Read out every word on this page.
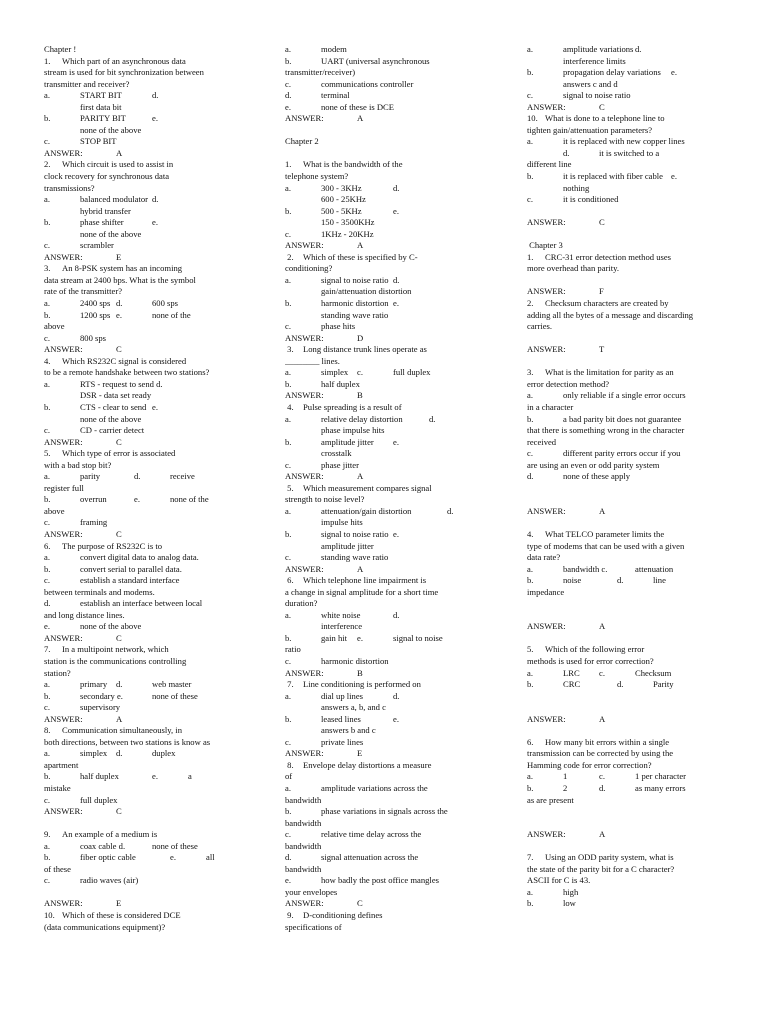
Chapter !
1.	Which part of an asynchronous data
stream is used for bit synchronization between
transmitter and receiver?
a.		START BIT		d.
		first data bit
b.		PARITY BIT		e.
		none of the above
c.		STOP BIT
ANSWER:		A
2.	Which circuit is used to assist in
clock recovery for synchronous data
transmissions?
a.		balanced modulator	d.
		hybrid transfer
b.		phase shifter		e.
		none of the above
c.		scrambler
ANSWER:		E
3.	An 8-PSK system has an incoming
data stream at 2400 bps. What is the symbol
rate of the transmitter?
a.		2400 sps	d.		600 sps
b.		1200 sps	e.		none of the
above
c.		800 sps
ANSWER:		C
4.	Which RS232C signal is considered
to be a remote handshake between two stations?
a.		RTS - request to send d.
		DSR - data set ready
b.		CTS - clear to send	e.
		none of the above
c.		CD - carrier detect
ANSWER:		C
5.	Which type of error is associated
with a bad stop bit?
a.		parity		d.		receive
register full
b.		overrun		e.		none of the
above
c.		framing
ANSWER:		C
6.	The purpose of RS232C is to
a.		convert digital data to analog data.
b.		convert serial to parallel data.
c.		establish a standard interface
between terminals and modems.
d.		establish an interface between local
and long distance lines.
e.		none of the above
ANSWER:		C
7.	In a multipoint network, which
station is the communications controlling
station?
a.		primary	d.		web master
b.		secondary e.		none of these
c.		supervisory
ANSWER:		A
8.	Communication simultaneously, in
both directions, between two stations is know as
a.		simplex	d.		duplex
apartment
b.		half duplex		e.		a
mistake
c.		full duplex
ANSWER:		C
9.	An example of a medium is
a.		coax cable d.		none of these
b.		fiber optic cable		e.		all
of these
c.		radio waves (air)
ANSWER:		E
10.	Which of these is considered DCE
(data communications equipment)?
a.		modem
b.		UART (universal asynchronous
transmitter/receiver)
c.		communications controller
d.		terminal
e.		none of these is DCE
ANSWER:		A
Chapter 2
1.	What is the bandwidth of the
telephone system?
a.		300 - 3KHz		d.
		600 - 25KHz
b.		500 - 5KHz		e.
		150 - 3500KHz
c.		1KHz - 20KHz
ANSWER:		A
2.	Which of these is specified by C-
conditioning?
a.		signal to noise ratio	d.
		gain/attenuation distortion
b.		harmonic distortion	e.
		standing wave ratio
c.		phase hits
ANSWER:		D
3.	Long distance trunk lines operate as
________ lines.
a.		simplex	c.		full duplex
b.		half duplex
ANSWER:		B
4.	Pulse spreading is a result of
a.		relative delay distortion		d.
		phase impulse hits
b.		amplitude jitter		e.
		crosstalk
c.		phase jitter
ANSWER:		A
5.	Which measurement compares signal
strength to noise level?
a.		attenuation/gain distortion		d.
		impulse hits
b.		signal to noise ratio	e.
		amplitude jitter
c.		standing wave ratio
ANSWER:		A
6.	Which telephone line impairment is
a change in signal amplitude for a short time
duration?
a.		white noise		d.
		interference
b.		gain hit	e.		signal to noise
ratio
c.		harmonic distortion
ANSWER:		B
7.	Line conditioning is performed on
a.		dial up lines		d.
		answers a, b, and c
b.		leased lines		e.
		answers b and c
c.		private lines
ANSWER:		E
8.	Envelope delay distortions a measure
of
a.		amplitude variations across the
bandwidth
b.		phase variations in signals across the
bandwidth
c.		relative time delay across the
bandwidth
d.		signal attenuation across the
bandwidth
e.		how badly the post office mangles
your envelopes
ANSWER:		C
9.	D-conditioning defines
specifications of
a.		amplitude variations	d.
		interference limits
b.		propagation delay variations	e.
		answers c and d
c.		signal to noise ratio
ANSWER:		C
10.	What is done to a telephone line to
tighten gain/attenuation parameters?
a.		it is replaced with new copper lines
		d.		it is switched to a
different line
b.		it is replaced with fiber cable	e.
		nothing
c.		it is conditioned
ANSWER:		C
Chapter 3
1.	CRC-31 error detection method uses
more overhead than parity.
ANSWER:		F
2.	Checksum characters are created by
adding all the bytes of a message and discarding
carries.
ANSWER:		T
3.	What is the limitation for parity as an
error detection method?
a.		only reliable if a single error occurs
in a character
b.		a bad parity bit does not guarantee
that there is something wrong in the character
received
c.		different parity errors occur if you
are using an even or odd parity system
d.		none of these apply
ANSWER:		A
4.	What TELCO parameter limits the
type of modems that can be used with a given
data rate?
a.		bandwidth c.		attenuation
b.		noise		d.		line
impedance
ANSWER:		A
5.	Which of the following error
methods is used for error correction?
a.		LRC		c.		Checksum
b.		CRC		d.		Parity
ANSWER:		A
6.	How many bit errors within a single
transmission can be corrected by using the
Hamming code for error correction?
a.		1		c.		1 per character
b.		2		d.		as many errors
as are present
ANSWER:		A
7.	Using an ODD parity system, what is
the state of the parity bit for a C character?
ASCII for C is 43.
a.		high
b.		low
